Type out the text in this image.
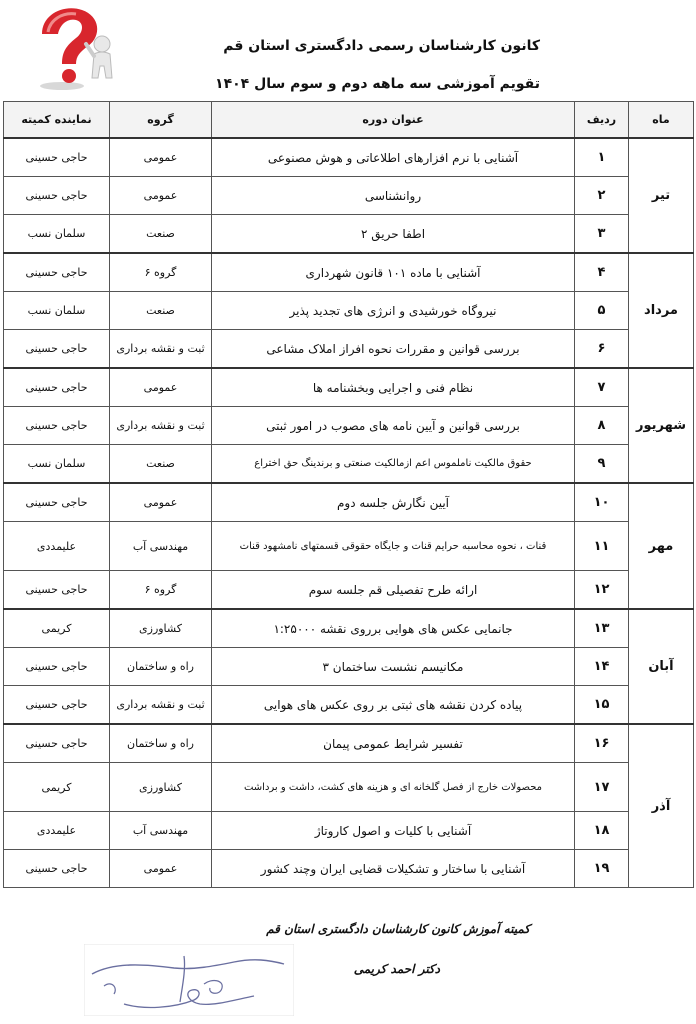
کانون کارشناسان رسمی دادگستری استان قم
تقویم آموزشی سه ماهه دوم و سوم سال ۱۴۰۴
ماه	ردیف	عنوان دوره	گروه	نماینده کمیته
تیر	۱	آشنایی با نرم افزارهای اطلاعاتی و هوش مصنوعی	عمومی	حاجی حسینی
	۲	روانشناسی	عمومی	حاجی حسینی
	۳	اطفا حریق ۲	صنعت	سلمان نسب
مرداد	۴	آشنایی با ماده ۱۰۱ قانون شهرداری	گروه ۶	حاجی حسینی
	۵	نیروگاه خورشیدی و انرژی های تجدید پذیر	صنعت	سلمان نسب
	۶	بررسی قوانین و مقررات نحوه افراز املاک مشاعی	ثبت و نقشه برداری	حاجی حسینی
شهریور	۷	نظام فنی و اجرایی وبخشنامه ها	عمومی	حاجی حسینی
	۸	بررسی قوانین و آیین نامه های مصوب در امور ثبتی	ثبت و نقشه برداری	حاجی حسینی
	۹	حقوق مالکیت ناملموس اعم ازمالکیت صنعتی و برندینگ حق اختراع	صنعت	سلمان نسب
مهر	۱۰	آیین نگارش جلسه دوم	عمومی	حاجی حسینی
	۱۱	قنات ، نحوه محاسبه حرایم قنات و جایگاه حقوقی قسمتهای نامشهود قنات	مهندسی آب	علیمددی
	۱۲	ارائه طرح تفصیلی قم جلسه سوم	گروه ۶	حاجی حسینی
آبان	۱۳	جانمایی عکس های هوایی برروی نقشه ۱:۲۵۰۰۰	کشاورزی	کریمی
	۱۴	مکانیسم نشست ساختمان ۳	راه و ساختمان	حاجی حسینی
	۱۵	پیاده کردن نقشه های ثبتی بر روی عکس های هوایی	ثبت و نقشه برداری	حاجی حسینی
آذر	۱۶	تفسیر شرایط عمومی پیمان	راه و ساختمان	حاجی حسینی
	۱۷	محصولات خارج از فصل گلخانه ای و هزینه های کشت، داشت و برداشت	کشاورزی	کریمی
	۱۸	آشنایی با کلیات و اصول کاروتاژ	مهندسی آب	علیمددی
	۱۹	آشنایی با ساختار و تشکیلات قضایی ایران وچند کشور	عمومی	حاجی حسینی
کمیته آموزش کانون کارشناسان دادگستری استان قم
دکتر احمد کریمی
